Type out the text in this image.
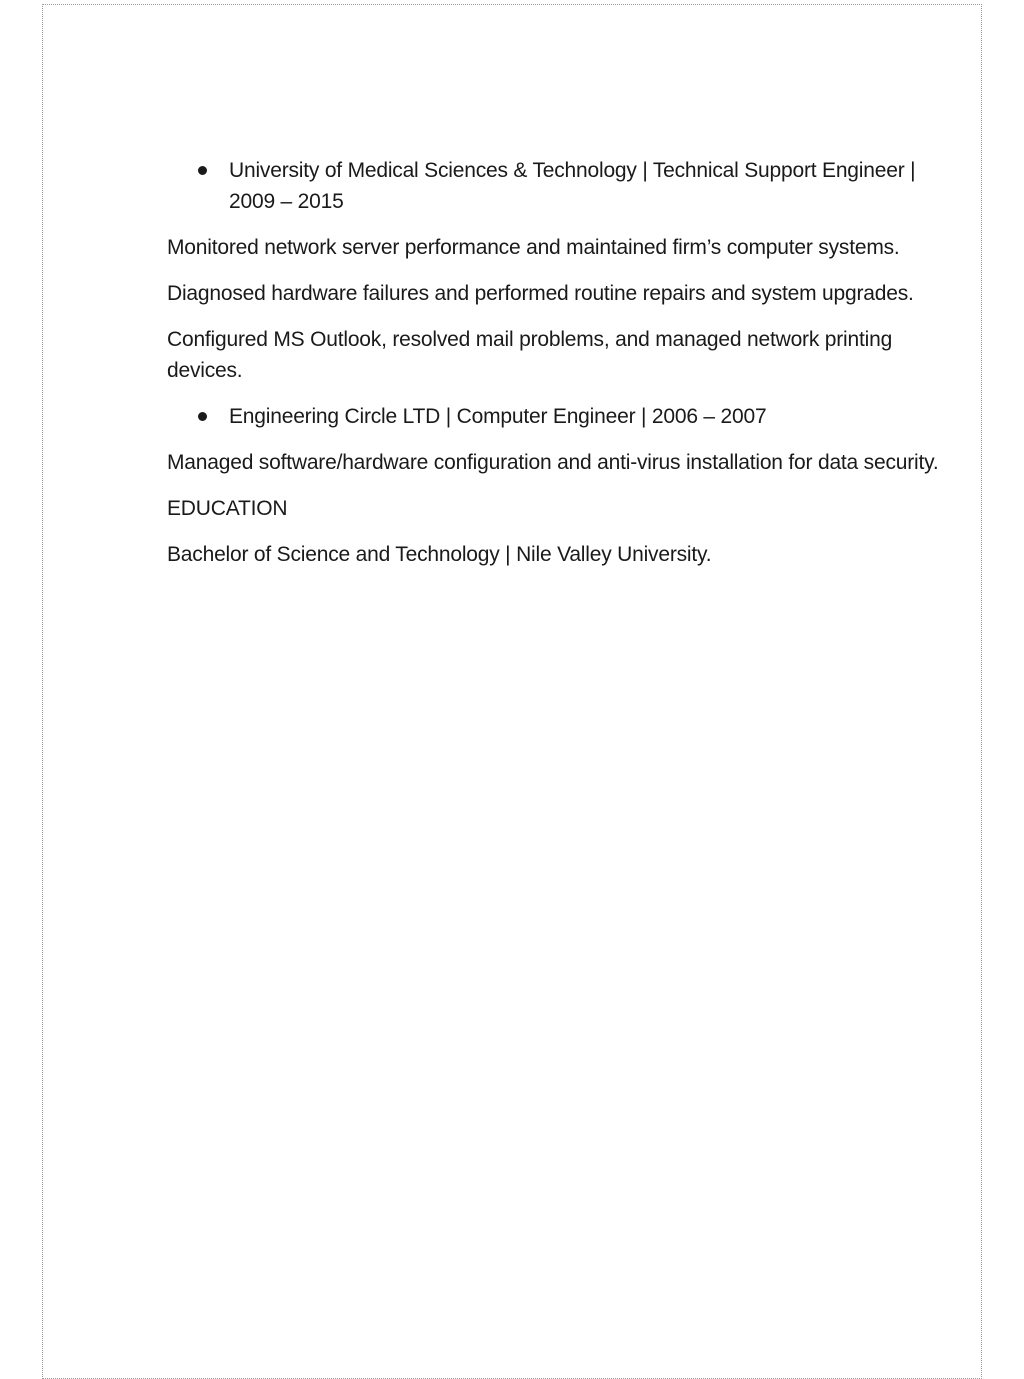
University of Medical Sciences & Technology | Technical Support Engineer | 2009 – 2015

Monitored network server performance and maintained firm’s computer systems.

Diagnosed hardware failures and performed routine repairs and system upgrades.

Configured MS Outlook, resolved mail problems, and managed network printing devices.

Engineering Circle LTD | Computer Engineer | 2006 – 2007

Managed software/hardware configuration and anti-virus installation for data security.

EDUCATION

Bachelor of Science and Technology | Nile Valley University.
